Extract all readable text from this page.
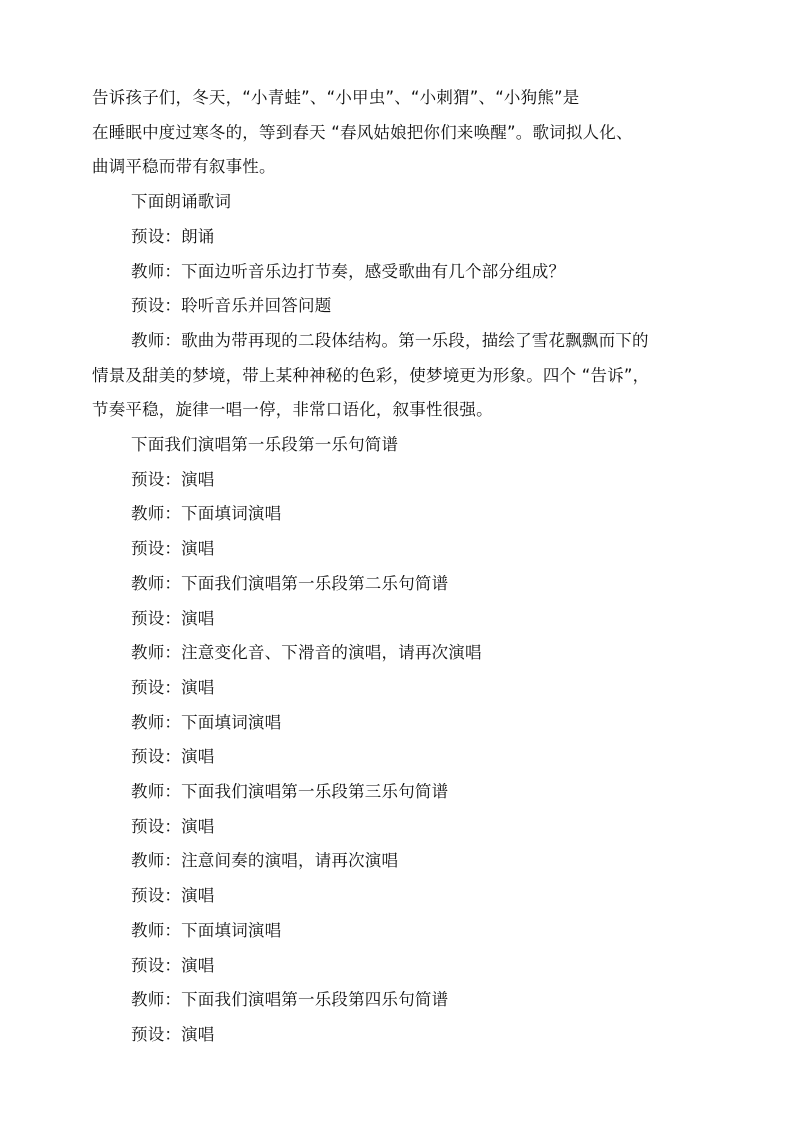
告诉孩子们，冬天，“小青蛙”、“小甲虫”、“小刺猬”、“小狗熊”是
在睡眠中度过寒冬的，等到春天 “春风姑娘把你们来唤醒”。歌词拟人化、
曲调平稳而带有叙事性。
下面朗诵歌词
预设：朗诵
教师：下面边听音乐边打节奏，感受歌曲有几个部分组成？
预设：聆听音乐并回答问题
教师：歌曲为带再现的二段体结构。第一乐段，描绘了雪花飘飘而下的
情景及甜美的梦境，带上某种神秘的色彩，使梦境更为形象。四个 “告诉”，
节奏平稳，旋律一唱一停，非常口语化，叙事性很强。
下面我们演唱第一乐段第一乐句简谱
预设：演唱
教师：下面填词演唱
预设：演唱
教师：下面我们演唱第一乐段第二乐句简谱
预设：演唱
教师：注意变化音、下滑音的演唱，请再次演唱
预设：演唱
教师：下面填词演唱
预设：演唱
教师：下面我们演唱第一乐段第三乐句简谱
预设：演唱
教师：注意间奏的演唱，请再次演唱
预设：演唱
教师：下面填词演唱
预设：演唱
教师：下面我们演唱第一乐段第四乐句简谱
预设：演唱
